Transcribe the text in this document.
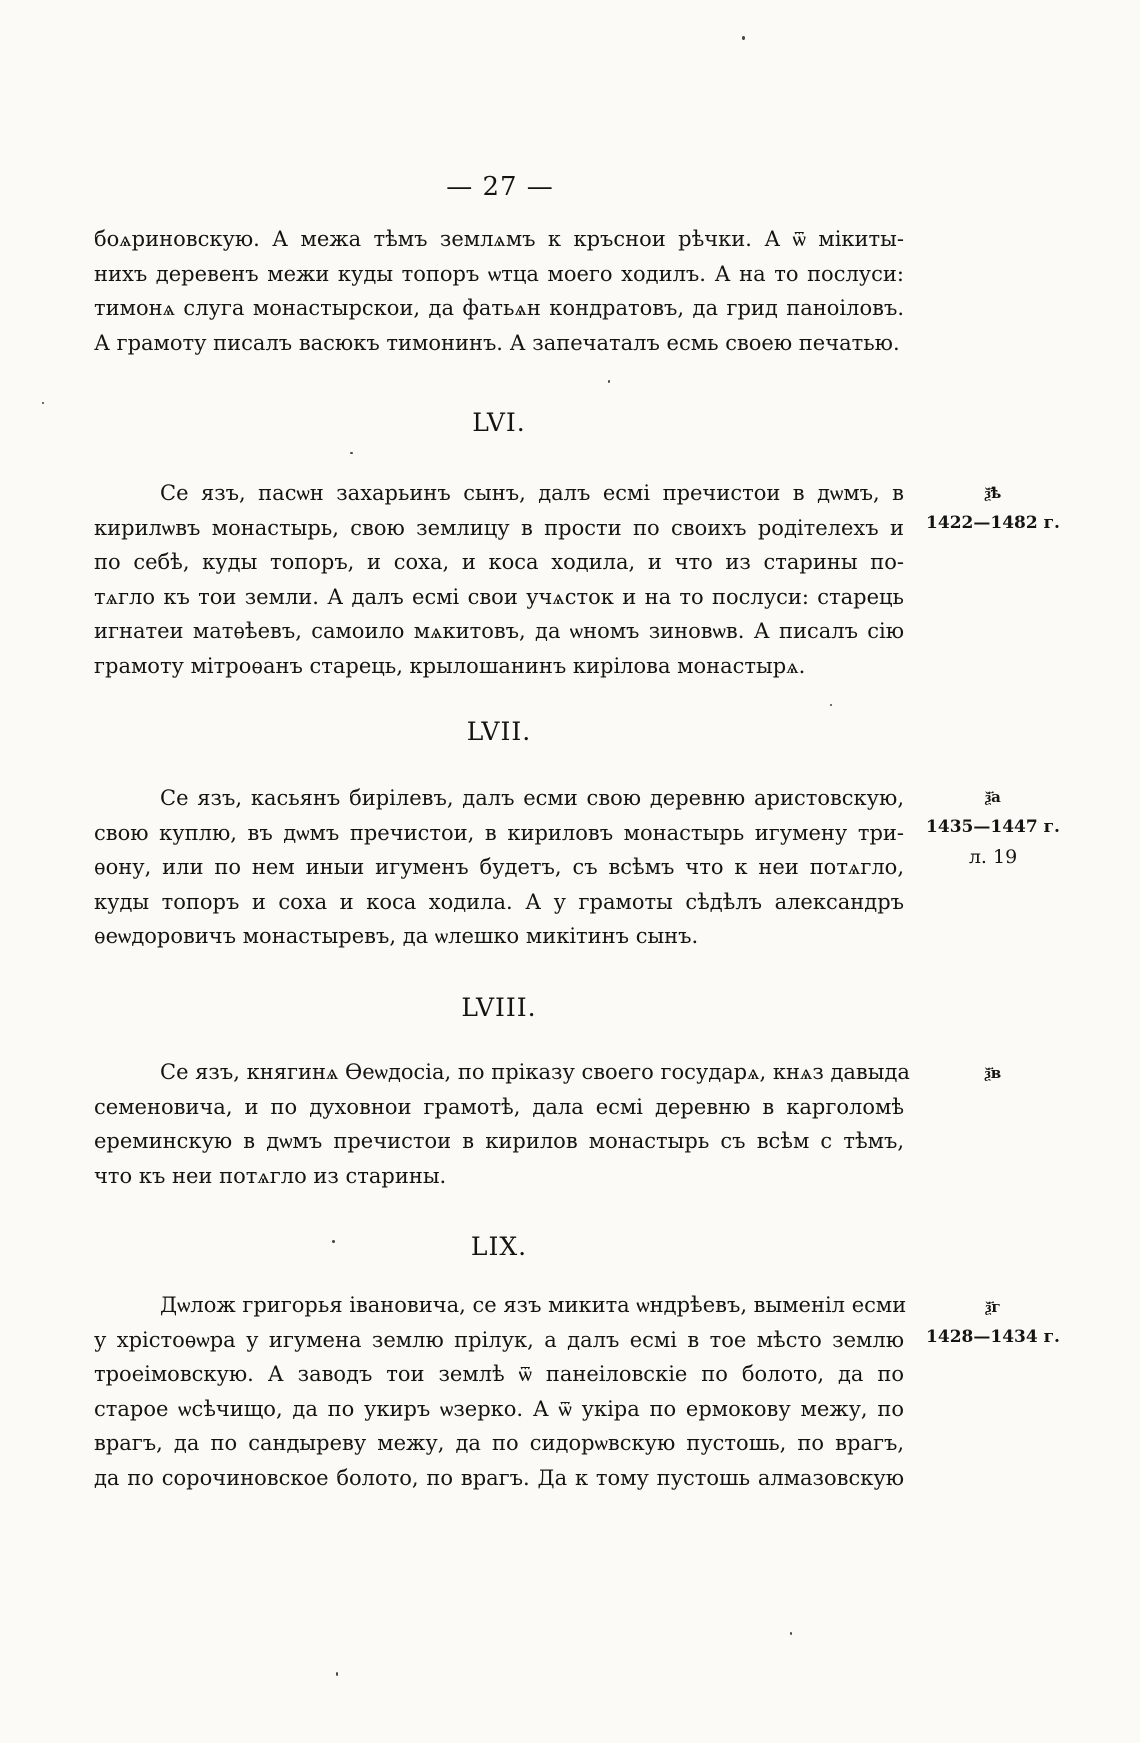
— 27 —
боѧриновскую. А межа тѣмъ землѧмъ к кръснои рѣчки. А ѿ мікиты-
нихъ деревенъ межи куды топоръ ѡтца моего ходилъ. А на то послуси:
тимонѧ слуга монастырскои, да фатьѧн кондратовъ, да грид паноіловъ.
А грамоту писалъ васюкъ тимонинъ. А запечаталъ есмь своею печатью.
LVI.
Се язъ, пасѡн захарьинъ сынъ, далъ есмі пречистои в дѡмъ, в
кирилѡвъ монастырь, свою землицу в прости по своихъ родітелехъ и
по себѣ, куды топоръ, и соха, и коса ходила, и что из старины по-
тѧгло къ тои земли. А далъ есмі свои учѧсток и на то послуси: старець
игнатеи матѳѣевъ, самоило мѧкитовъ, да ѡномъ зиновѡв. А писалъ сію
грамоту мітроѳанъ старець, крылошанинъ кирілова монастырѧ.
ѯ҃ѣ
1422—1482 г.
LVII.
Се язъ, касьянъ бирілевъ, далъ есми свою деревню аристовскую,
свою куплю, въ дѡмъ пречистои, в кириловъ монастырь игумену три-
ѳону, или по нем иныи игуменъ будетъ, съ всѣмъ что к неи потѧгло,
куды топоръ и соха и коса ходила. А у грамоты сѣдѣлъ александръ
ѳеѡдоровичъ монастыревъ, да ѡлешко микітинъ сынъ.
ѯ҃а
1435—1447 г.
л. 19
LVIII.
Се язъ, княгинѧ Ѳеѡдосіа, по пріказу своего государѧ, кнѧз давыда
семеновича, и по духовнои грамотѣ, дала есмі деревню в карголомѣ
ереминскую в дѡмъ пречистои в кирилов монастырь съ всѣм с тѣмъ,
что къ неи потѧгло из старины.
ѯ҃в
LIX.
Дѡлож григорья івановича, се язъ микита ѡндрѣевъ, выменіл есми
у хрістоѳѡра у игумена землю прілук, а далъ есмі в тое мѣсто землю
троеімовскую. А заводъ тои землѣ ѿ панеіловскіе по болото, да по
старое ѡсѣчищо, да по укиръ ѡзерко. А ѿ укіра по ермокову межу, по
врагъ, да по сандыреву межу, да по сидорѡвскую пустошь, по врагъ,
да по сорочиновское болото, по врагъ. Да к тому пустошь алмазовскую
ѯ҃г
1428—1434 г.
